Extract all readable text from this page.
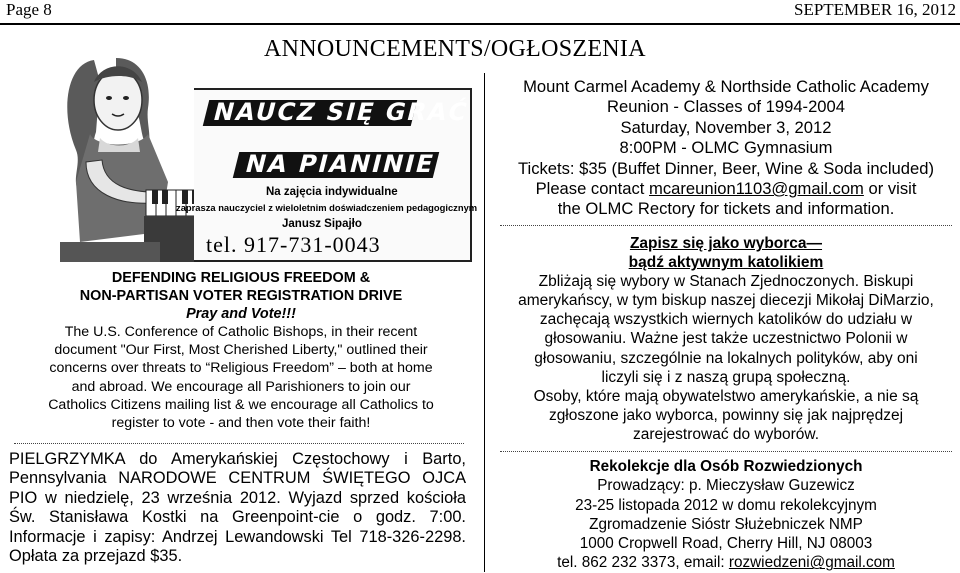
Page 8	SEPTEMBER 16, 2012
ANNOUNCEMENTS/OGŁOSZENIA
NAUCZ SIĘ GRAĆ
NA PIANINIE
Na zajęcia indywidualne
zaprasza nauczyciel z wieloletnim doświadczeniem pedagogicznym
Janusz Sipajło
tel. 917-731-0043
DEFENDING RELIGIOUS FREEDOM &
NON-PARTISAN VOTER REGISTRATION DRIVE
Pray and Vote!!!
The U.S. Conference of Catholic Bishops, in their recent
document "Our First, Most Cherished Liberty," outlined their
concerns over threats to “Religious Freedom” – both at home
and abroad. We encourage all Parishioners to join our
Catholics Citizens mailing list & we encourage all Catholics to
register to vote - and then vote their faith!
PIELGRZYMKA do Amerykańskiej Częstochowy i Barto, Pennsylvania NARODOWE CENTRUM ŚWIĘTEGO OJCA PIO w niedzielę, 23 września 2012. Wyjazd sprzed kościoła Św. Stanisława Kostki na Greenpoint-cie o godz. 7:00. Informacje i zapisy: Andrzej Lewandowski Tel 718-326-2298. Opłata za przejazd $35.
Mount Carmel Academy & Northside Catholic Academy
Reunion - Classes of 1994-2004
Saturday, November 3, 2012
8:00PM - OLMC Gymnasium
Tickets: $35 (Buffet Dinner, Beer, Wine & Soda included)
Please contact mcareunion1103@gmail.com or visit
the OLMC Rectory for tickets and information.
Zapisz się jako wyborca—
bądź aktywnym katolikiem
Zbliżają się wybory w Stanach Zjednoczonych. Biskupi
amerykańscy, w tym biskup naszej diecezji Mikołaj DiMarzio,
zachęcają wszystkich wiernych katolików do udziału w
głosowaniu. Ważne jest także uczestnictwo Polonii w
głosowaniu, szczególnie na lokalnych polityków, aby oni
liczyli się i z naszą grupą społeczną.
Osoby, które mają obywatelstwo amerykańskie, a nie są
zgłoszone jako wyborca, powinny się jak najprędzej
zarejestrować do wyborów.
Rekolekcje dla Osób Rozwiedzionych
Prowadzący: p. Mieczysław Guzewicz
23-25 listopada 2012 w domu rekolekcyjnym
Zgromadzenie Sióstr Służebniczek NMP
1000 Cropwell Road, Cherry Hill, NJ 08003
tel. 862 232 3373, email: rozwiedzeni@gmail.com
